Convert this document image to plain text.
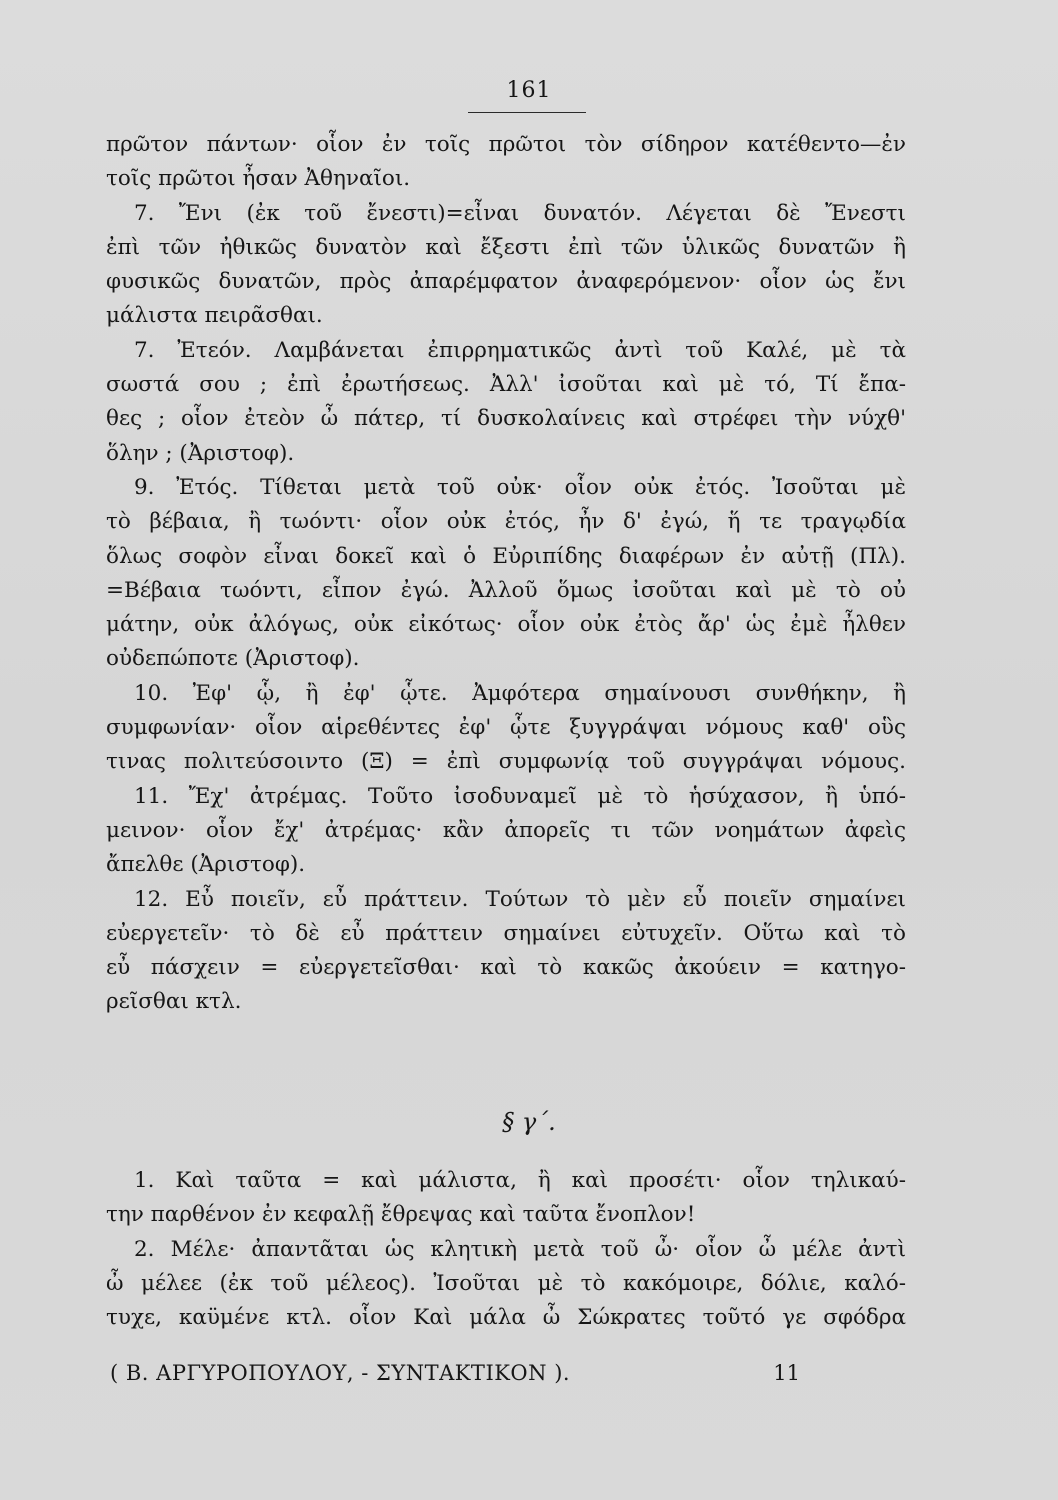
161
πρῶτον πάντων· οἷον ἐν τοῖς πρῶτοι τὸν σίδηρον κατέθεντο—ἐν
τοῖς πρῶτοι ἦσαν Ἀθηναῖοι.
7. Ἔνι (ἐκ τοῦ ἔνεστι)=εἶναι δυνατόν. Λέγεται δὲ Ἔνεστι
ἐπὶ τῶν ἠθικῶς δυνατὸν καὶ ἔξεστι ἐπὶ τῶν ὑλικῶς δυνατῶν ἢ
φυσικῶς δυνατῶν, πρὸς ἀπαρέμφατον ἀναφερόμενον· οἷον ὡς ἔνι
μάλιστα πειρᾶσθαι.
7. Ἐτεόν. Λαμβάνεται ἐπιρρηματικῶς ἀντὶ τοῦ Καλέ, μὲ τὰ
σωστά σου ; ἐπὶ ἐρωτήσεως. Ἀλλ' ἰσοῦται καὶ μὲ τό, Τί ἔπα-
θες ; οἷον ἐτεὸν ὦ πάτερ, τί δυσκολαίνεις καὶ στρέφει τὴν νύχθ'
ὅλην ; (Ἀριστοφ).
9. Ἐτός. Τίθεται μετὰ τοῦ οὐκ· οἷον οὐκ ἐτός. Ἰσοῦται μὲ
τὸ βέβαια, ἢ τωόντι· οἷον οὐκ ἐτός, ἦν δ' ἐγώ, ἥ τε τραγῳδία
ὅλως σοφὸν εἶναι δοκεῖ καὶ ὁ Εὐριπίδης διαφέρων ἐν αὐτῇ (Πλ).
=Βέβαια τωόντι, εἶπον ἐγώ. Ἀλλοῦ ὅμως ἰσοῦται καὶ μὲ τὸ οὐ
μάτην, οὐκ ἀλόγως, οὐκ εἰκότως· οἷον οὐκ ἐτὸς ἄρ' ὡς ἐμὲ ἦλθεν
οὐδεπώποτε (Ἀριστοφ).
10. Ἐφ' ᾧ, ἢ ἐφ' ᾧτε. Ἀμφότερα σημαίνουσι συνθήκην, ἢ
συμφωνίαν· οἷον αἱρεθέντες ἐφ' ᾧτε ξυγγράψαι νόμους καθ' οὓς
τινας πολιτεύσοιντο (Ξ) = ἐπὶ συμφωνίᾳ τοῦ συγγράψαι νόμους.
11. Ἔχ' ἀτρέμας. Τοῦτο ἰσοδυναμεῖ μὲ τὸ ἡσύχασον, ἢ ὑπό-
μεινον· οἷον ἔχ' ἀτρέμας· κἂν ἀπορεῖς τι τῶν νοημάτων ἀφεὶς
ἄπελθε (Ἀριστοφ).
12. Εὖ ποιεῖν, εὖ πράττειν. Τούτων τὸ μὲν εὖ ποιεῖν σημαίνει
εὐεργετεῖν· τὸ δὲ εὖ πράττειν σημαίνει εὐτυχεῖν. Οὕτω καὶ τὸ
εὖ πάσχειν = εὐεργετεῖσθαι· καὶ τὸ κακῶς ἀκούειν = κατηγο-
ρεῖσθαι κτλ.
§ γ΄.
1. Καὶ ταῦτα = καὶ μάλιστα, ἢ καὶ προσέτι· οἷον τηλικαύ-
την παρθένον ἐν κεφαλῇ ἔθρεψας καὶ ταῦτα ἔνοπλον!
2. Μέλε· ἀπαντᾶται ὡς κλητικὴ μετὰ τοῦ ὦ· οἷον ὦ μέλε ἀντὶ
ὦ μέλεε (ἐκ τοῦ μέλεος). Ἰσοῦται μὲ τὸ κακόμοιρε, δόλιε, καλό-
τυχε, καϋμένε κτλ. οἷον Καὶ μάλα ὦ Σώκρατες τοῦτό γε σφόδρα
( Β. ΑΡΓΥΡΟΠΟΥΛΟΥ, - ΣΥΝΤΑΚΤΙΚΟΝ ).	11
